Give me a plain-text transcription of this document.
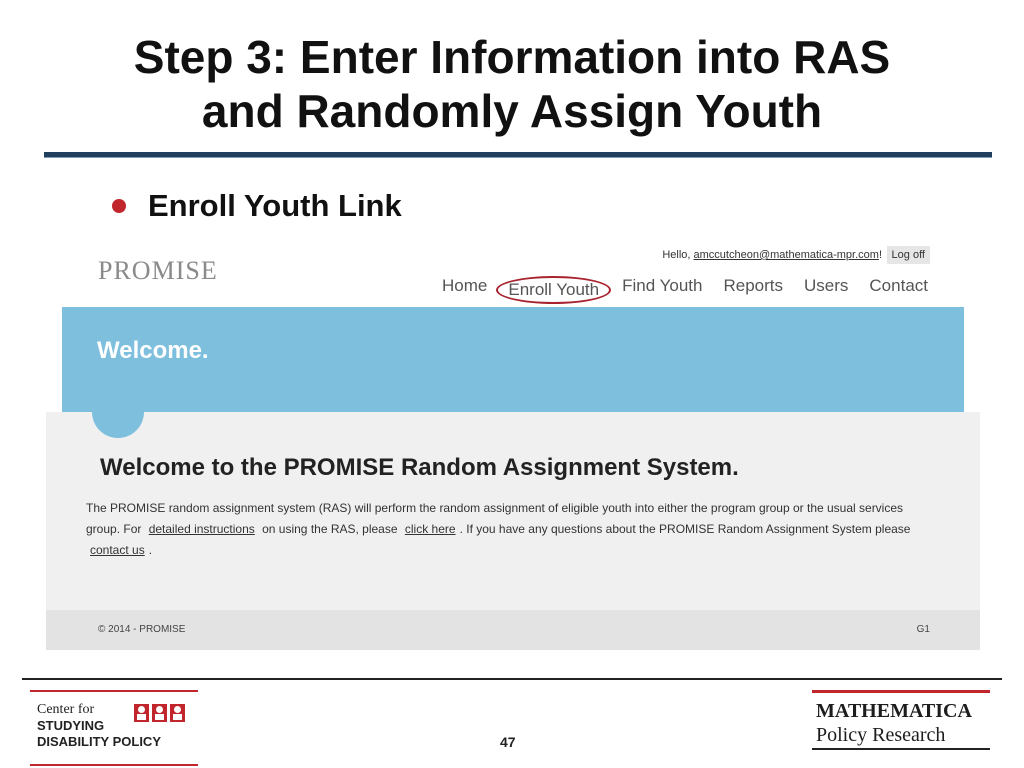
Step 3: Enter Information into RAS
and Randomly Assign Youth
Enroll Youth Link
PROMISE
Hello, amccutcheon@mathematica-mpr.com! Log off
Home	Enroll Youth	Find Youth Reports Users Contact
Welcome.
Welcome to the PROMISE Random Assignment System.
The PROMISE random assignment system (RAS) will perform the random assignment of eligible youth into either the program group or the usual services group. For detailed instructions on using the RAS, please click here . If you have any questions about the PROMISE Random Assignment System please
contact us .
© 2014 - PROMISE	G1
Center for
STUDYING
DISABILITY POLICY	47
MATHEMATICA
Policy Research
